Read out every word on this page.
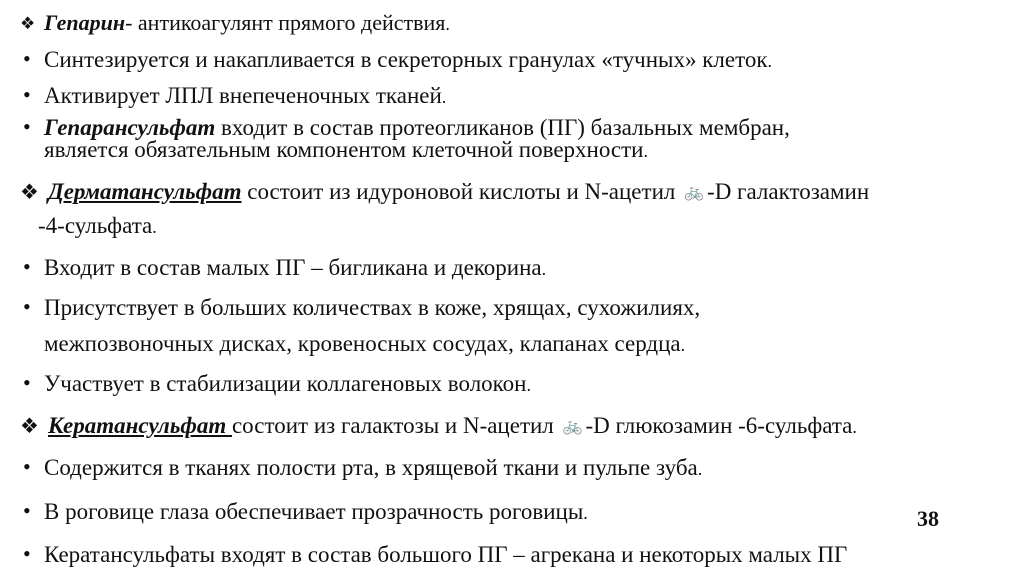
❖ Гепарин- антикоагулянт прямого действия.
• Синтезируется и накапливается в секреторных гранулах «тучных» клеток.
• Активирует ЛПЛ внепеченочных тканей.
• Гепарансульфат входит в состав протеогликанов (ПГ) базальных мембран,
является обязательным компонентом клеточной поверхности.
❖ Дерматансульфат состоит из идуроновой кислоты и N-ацетил 🚲 -D галактозамин
-4-сульфата.
• Входит в состав малых ПГ – бигликана и декорина.
• Присутствует в больших количествах в коже, хрящах, сухожилиях,
межпозвоночных дисках, кровеносных сосудах, клапанах сердца.
• Участвует в стабилизации коллагеновых волокон.
❖ Кератансульфат состоит из галактозы и N-ацетил 🚲 -D глюкозамин -6-сульфата.
• Содержится в тканях полости рта, в хрящевой ткани и пульпе зуба.
• В роговице глаза обеспечивает прозрачность роговицы.	38
• Кератансульфаты входят в состав большого ПГ – агрекана и некоторых малых ПГ
